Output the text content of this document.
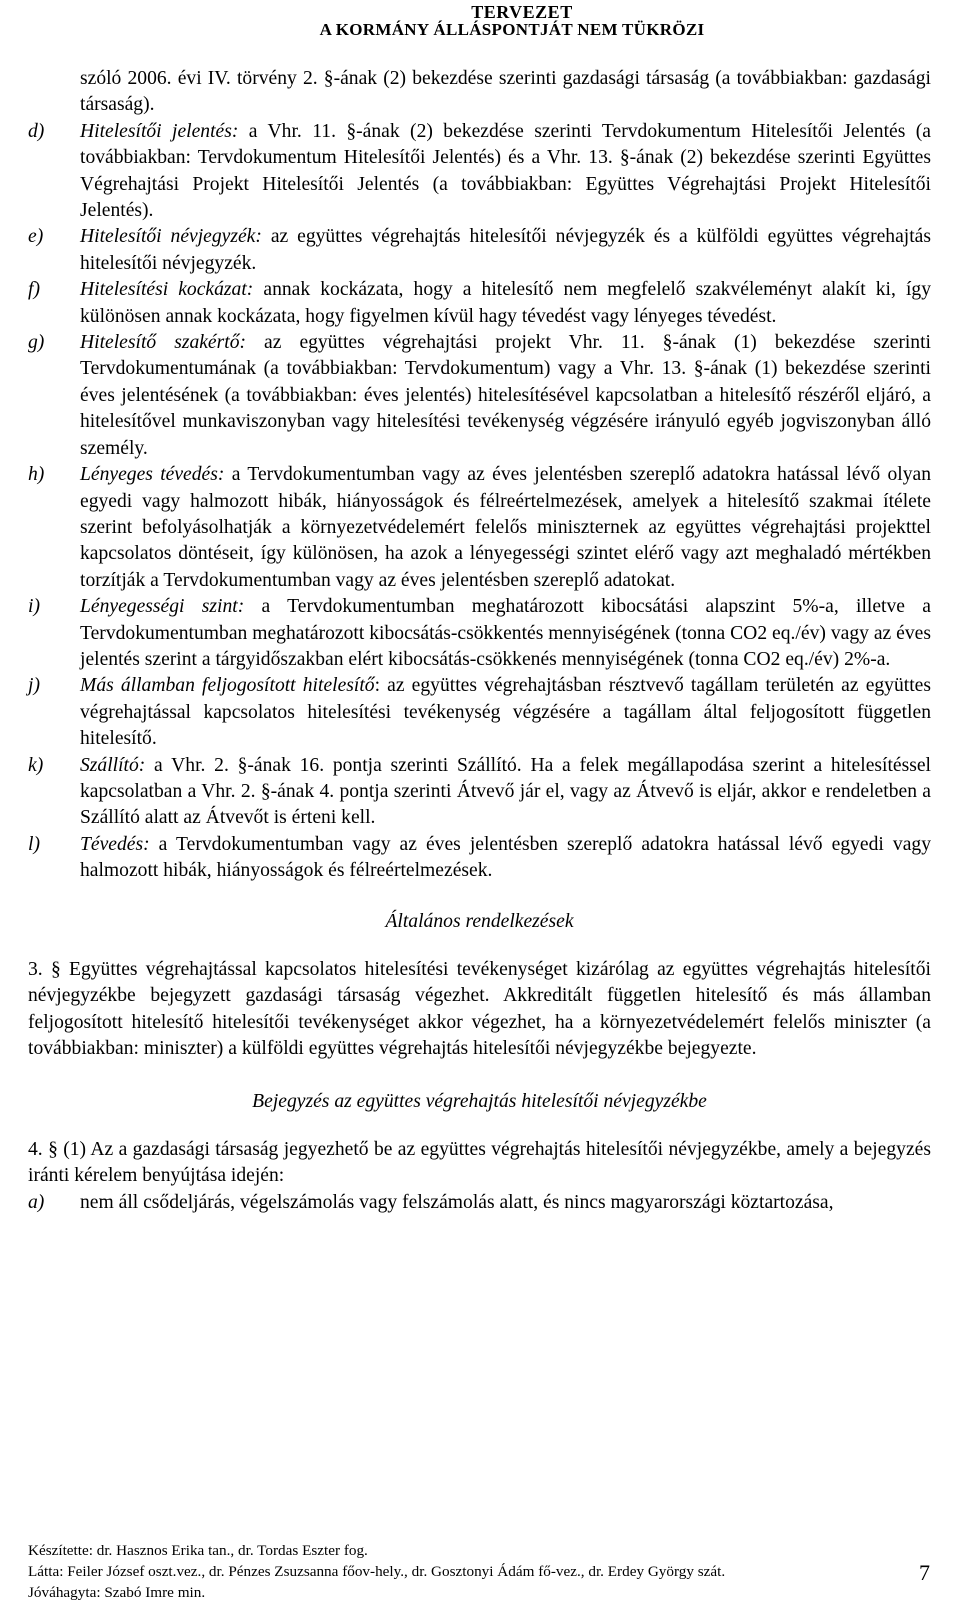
TERVEZET
A KORMÁNY ÁLLÁSPONTJÁT NEM TÜKRÖZI
szóló 2006. évi IV. törvény 2. §-ának (2) bekezdése szerinti gazdasági társaság (a továbbiakban: gazdasági társaság).
d) Hitelesítői jelentés: a Vhr. 11. §-ának (2) bekezdése szerinti Tervdokumentum Hitelesítői Jelentés (a továbbiakban: Tervdokumentum Hitelesítői Jelentés) és a Vhr. 13. §-ának (2) bekezdése szerinti Együttes Végrehajtási Projekt Hitelesítői Jelentés (a továbbiakban: Együttes Végrehajtási Projekt Hitelesítői Jelentés).
e) Hitelesítői névjegyzék: az együttes végrehajtás hitelesítői névjegyzék és a külföldi együttes végrehajtás hitelesítői névjegyzék.
f) Hitelesítési kockázat: annak kockázata, hogy a hitelesítő nem megfelelő szakvéleményt alakít ki, így különösen annak kockázata, hogy figyelmen kívül hagy tévedést vagy lényeges tévedést.
g) Hitelesítő szakértő: az együttes végrehajtási projekt Vhr. 11. §-ának (1) bekezdése szerinti Tervdokumentumának (a továbbiakban: Tervdokumentum) vagy a Vhr. 13. §-ának (1) bekezdése szerinti éves jelentésének (a továbbiakban: éves jelentés) hitelesítésével kapcsolatban a hitelesítő részéről eljáró, a hitelesítővel munkaviszonyban vagy hitelesítési tevékenység végzésére irányuló egyéb jogviszonyban álló személy.
h) Lényeges tévedés: a Tervdokumentumban vagy az éves jelentésben szereplő adatokra hatással lévő olyan egyedi vagy halmozott hibák, hiányosságok és félreértelmezések, amelyek a hitelesítő szakmai ítélete szerint befolyásolhatják a környezetvédelemért felelős miniszternek az együttes végrehajtási projekttel kapcsolatos döntéseit, így különösen, ha azok a lényegességi szintet elérő vagy azt meghaladó mértékben torzítják a Tervdokumentumban vagy az éves jelentésben szereplő adatokat.
i) Lényegességi szint: a Tervdokumentumban meghatározott kibocsátási alapszint 5%-a, illetve a Tervdokumentumban meghatározott kibocsátás-csökkentés mennyiségének (tonna CO2 eq./év) vagy az éves jelentés szerint a tárgyidőszakban elért kibocsátás-csökkenés mennyiségének (tonna CO2 eq./év) 2%-a.
j) Más államban feljogosított hitelesítő: az együttes végrehajtásban résztvevő tagállam területén az együttes végrehajtással kapcsolatos hitelesítési tevékenység végzésére a tagállam által feljogosított független hitelesítő.
k) Szállító: a Vhr. 2. §-ának 16. pontja szerinti Szállító. Ha a felek megállapodása szerint a hitelesítéssel kapcsolatban a Vhr. 2. §-ának 4. pontja szerinti Átvevő jár el, vagy az Átvevő is eljár, akkor e rendeletben a Szállító alatt az Átvevőt is érteni kell.
l) Tévedés: a Tervdokumentumban vagy az éves jelentésben szereplő adatokra hatással lévő egyedi vagy halmozott hibák, hiányosságok és félreértelmezések.
Általános rendelkezések
3. § Együttes végrehajtással kapcsolatos hitelesítési tevékenységet kizárólag az együttes végrehajtás hitelesítői névjegyzékbe bejegyzett gazdasági társaság végezhet. Akkreditált független hitelesítő és más államban feljogosított hitelesítő hitelesítői tevékenységet akkor végezhet, ha a környezetvédelemért felelős miniszter (a továbbiakban: miniszter) a külföldi együttes végrehajtás hitelesítői névjegyzékbe bejegyezte.
Bejegyzés az együttes végrehajtás hitelesítői névjegyzékbe
4. § (1) Az a gazdasági társaság jegyezhető be az együttes végrehajtás hitelesítői névjegyzékbe, amely a bejegyzés iránti kérelem benyújtása idején:
a) nem áll csődeljárás, végelszámolás vagy felszámolás alatt, és nincs magyarországi köztartozása,
Készítette: dr. Hasznos Erika tan., dr. Tordas Eszter fog.
Látta: Feiler József oszt.vez., dr. Pénzes Zsuzsanna főov-hely., dr. Gosztonyi Ádám fő-vez., dr. Erdey György szát.
Jóváhagyta: Szabó Imre min.
7
